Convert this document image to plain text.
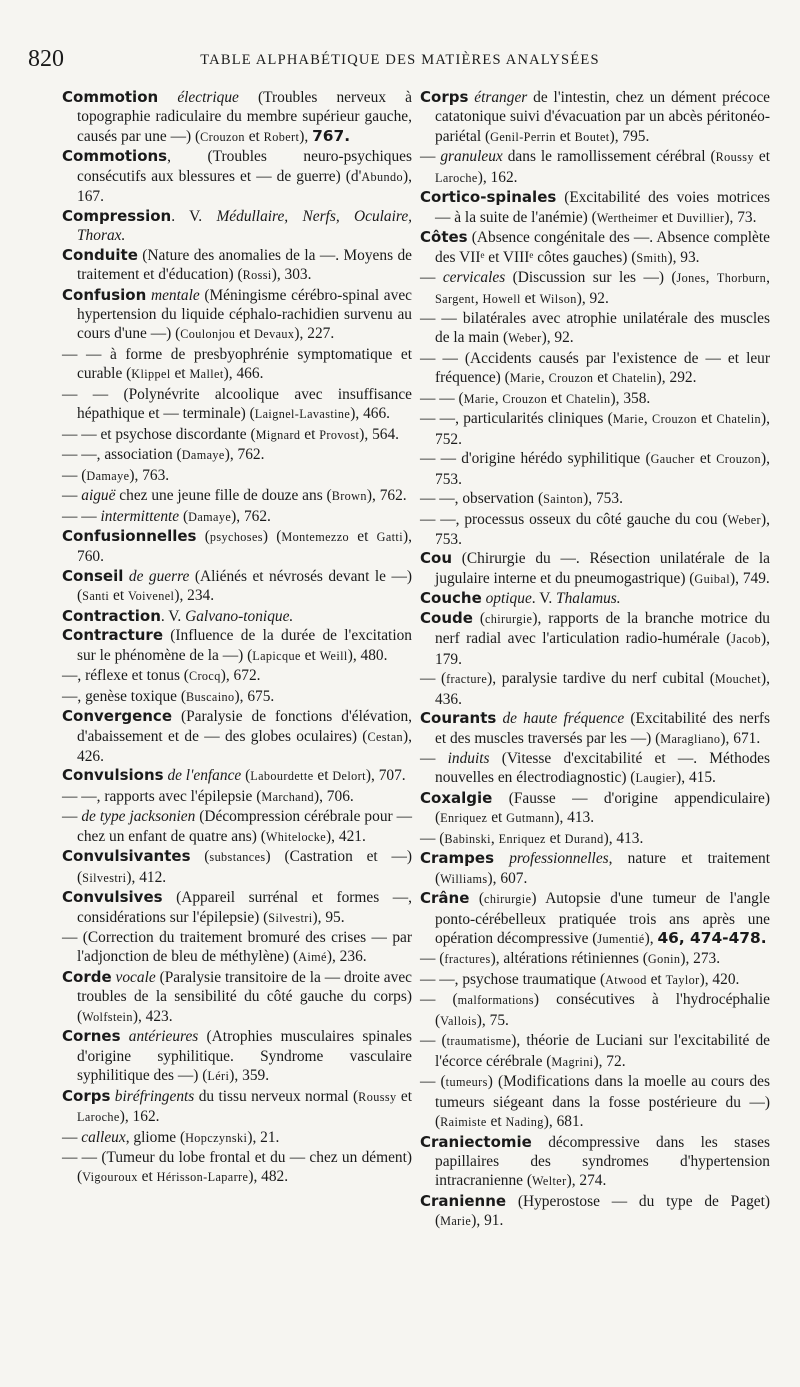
820	TABLE ALPHABÉTIQUE DES MATIÈRES ANALYSÉES

Commotion électrique (Troubles nerveux à topographie radiculaire du membre supérieur gauche, causés par une —) (Crouzon et Robert), 767.

Commotions, (Troubles neuro-psychiques consécutifs aux blessures et — de guerre) (d'Abundo), 167.

Compression. V. Médullaire, Nerfs, Oculaire, Thorax.

Conduite (Nature des anomalies de la —. Moyens de traitement et d'éducation) (Rossi), 303.

Confusion mentale (Méningisme cérébro-spinal avec hypertension du liquide céphalo-rachidien survenu au cours d'une —) (Coulonjou et Devaux), 227.

— — à forme de presbyophrénie symptomatique et curable (Klippel et Mallet), 466.

— — (Polynévrite alcoolique avec insuffisance hépathique et — terminale) (Laignel-Lavastine), 466.

— — et psychose discordante (Mignard et Provost), 564.

— —, association (Damaye), 762.

— (Damaye), 763.

— aiguë chez une jeune fille de douze ans (Brown), 762.

— — intermittente (Damaye), 762.

Confusionnelles (psychoses) (Montemezzo et Gatti), 760.

Conseil de guerre (Aliénés et névrosés devant le —) (Santi et Voivenel), 234.

Contraction. V. Galvano-tonique.

Contracture (Influence de la durée de l'excitation sur le phénomène de la —) (Lapicque et Weill), 480.

—, réflexe et tonus (Crocq), 672.

—, genèse toxique (Buscaino), 675.

Convergence (Paralysie de fonctions d'élévation, d'abaissement et de — des globes oculaires) (Cestan), 426.

Convulsions de l'enfance (Labourdette et Delort), 707.

— —, rapports avec l'épilepsie (Marchand), 706.

— de type jacksonien (Décompression cérébrale pour — chez un enfant de quatre ans) (Whitelocke), 421.

Convulsivantes (substances) (Castration et —) (Silvestri), 412.

Convulsives (Appareil surrénal et formes —, considérations sur l'épilepsie) (Silvestri), 95.

— (Correction du traitement bromuré des crises — par l'adjonction de bleu de méthylène) (Aimé), 236.

Corde vocale (Paralysie transitoire de la — droite avec troubles de la sensibilité du côté gauche du corps) (Wolfstein), 423.

Cornes antérieures (Atrophies musculaires spinales d'origine syphilitique. Syndrome vasculaire syphilitique des —) (Léri), 359.

Corps biréfringents du tissu nerveux normal (Roussy et Laroche), 162.

— calleux, gliome (Hopczynski), 21.

— — (Tumeur du lobe frontal et du — chez un dément) (Vigouroux et Hérisson-Laparre), 482.

Corps étranger de l'intestin, chez un dément précoce catatonique suivi d'évacuation par un abcès péritonéo-pariétal (Genil-Perrin et Boutet), 795.

— granuleux dans le ramollissement cérébral (Roussy et Laroche), 162.

Cortico-spinales (Excitabilité des voies motrices — à la suite de l'anémie) (Wertheimer et Duvillier), 73.

Côtes (Absence congénitale des —. Absence complète des VIIᵉ et VIIIᵉ côtes gauches) (Smith), 93.

— cervicales (Discussion sur les —) (Jones, Thorburn, Sargent, Howell et Wilson), 92.

— — bilatérales avec atrophie unilatérale des muscles de la main (Weber), 92.

— — (Accidents causés par l'existence de — et leur fréquence) (Marie, Crouzon et Chatelin), 292.

— — (Marie, Crouzon et Chatelin), 358.

— —, particularités cliniques (Marie, Crouzon et Chatelin), 752.

— — d'origine hérédo syphilitique (Gaucher et Crouzon), 753.

— —, observation (Sainton), 753.

— —, processus osseux du côté gauche du cou (Weber), 753.

Cou (Chirurgie du —. Résection unilatérale de la jugulaire interne et du pneumogastrique) (Guibal), 749.

Couche optique. V. Thalamus.

Coude (chirurgie), rapports de la branche motrice du nerf radial avec l'articulation radio-humérale (Jacob), 179.

— (fracture), paralysie tardive du nerf cubital (Mouchet), 436.

Courants de haute fréquence (Excitabilité des nerfs et des muscles traversés par les —) (Maragliano), 671.

— induits (Vitesse d'excitabilité et —. Méthodes nouvelles en électrodiagnostic) (Laugier), 415.

Coxalgie (Fausse — d'origine appendiculaire) (Enriquez et Gutmann), 413.

— (Babinski, Enriquez et Durand), 413.

Crampes professionnelles, nature et traitement (Williams), 607.

Crâne (chirurgie) Autopsie d'une tumeur de l'angle ponto-cérébelleux pratiquée trois ans après une opération décompressive (Jumentié), 46, 474-478.

— (fractures), altérations rétiniennes (Gonin), 273.

— —, psychose traumatique (Atwood et Taylor), 420.

— (malformations) consécutives à l'hydrocéphalie (Vallois), 75.

— (traumatisme), théorie de Luciani sur l'excitabilité de l'écorce cérébrale (Magrini), 72.

— (tumeurs) (Modifications dans la moelle au cours des tumeurs siégeant dans la fosse postérieure du —) (Raimiste et Nading), 681.

Craniectomie décompressive dans les stases papillaires des syndromes d'hypertension intracranienne (Welter), 274.

Cranienne (Hyperostose — du type de Paget) (Marie), 91.
